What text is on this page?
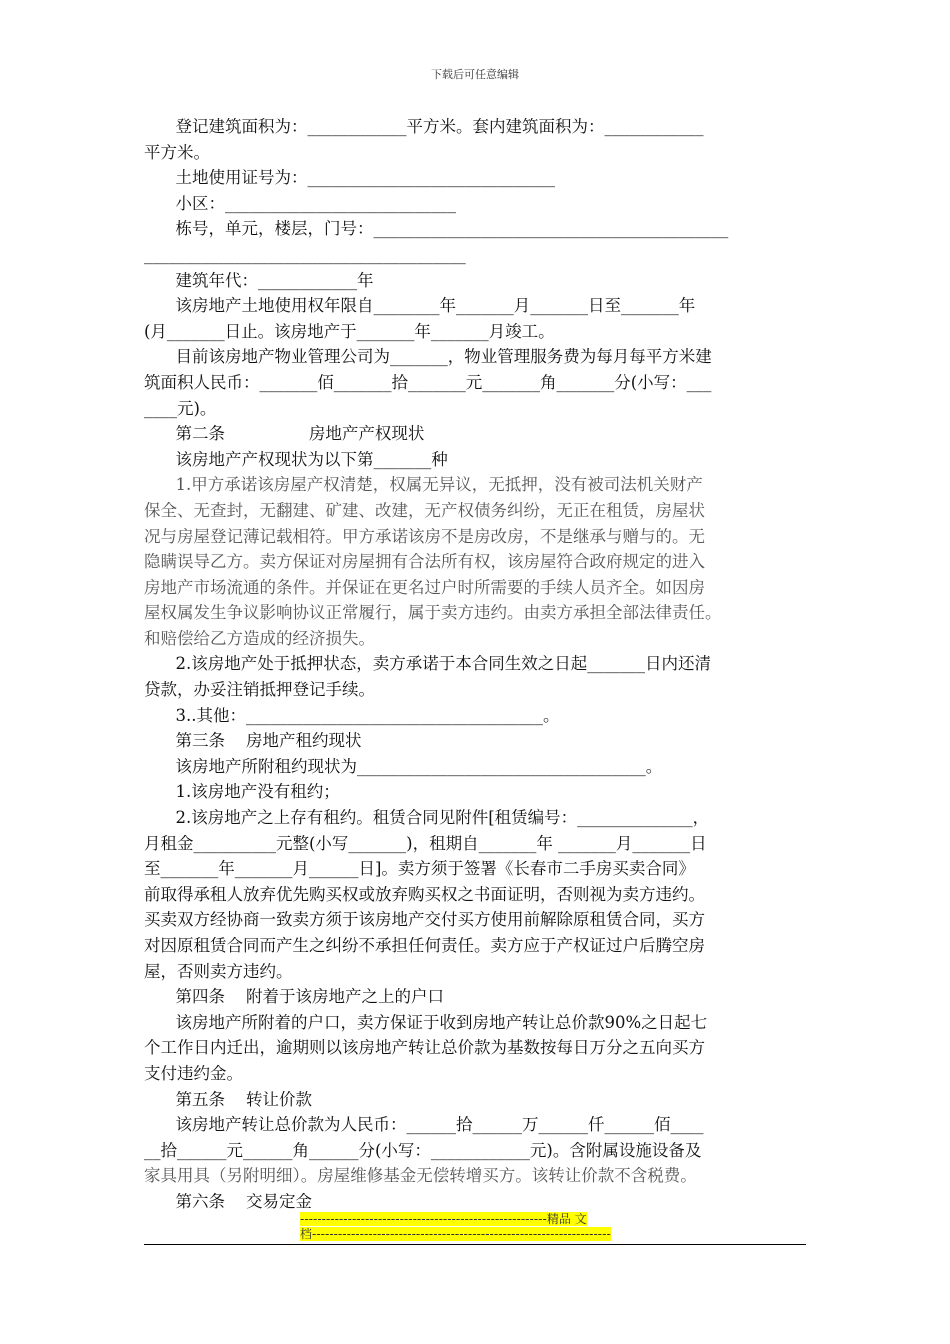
下载后可任意编辑

登记建筑面积为：____________平方米。套内建筑面积为：____________

平方米。

土地使用证号为：______________________________

小区：____________________________

栋号，单元，楼层，门号：___________________________________________

_______________________________________

建筑年代：____________年

该房地产土地使用权年限自________年_______月_______日至_______年

(月_______日止。该房地产于_______年_______月竣工。

目前该房地产物业管理公司为_______，物业管理服务费为每月每平方米建

筑面积人民币：_______佰_______拾_______元_______角_______分(小写：___

____元)。

第二条                房地产产权现状

该房地产产权现状为以下第_______种

1.甲方承诺该房屋产权清楚，权属无异议，无抵押，没有被司法机关财产

保全、无查封，无翻建、矿建、改建，无产权债务纠纷，无正在租赁，房屋状

况与房屋登记薄记载相符。甲方承诺该房不是房改房，不是继承与赠与的。无

隐瞒误导乙方。卖方保证对房屋拥有合法所有权，该房屋符合政府规定的进入

房地产市场流通的条件。并保证在更名过户时所需要的手续人员齐全。如因房

屋权属发生争议影响协议正常履行，属于卖方违约。由卖方承担全部法律责任。

和赔偿给乙方造成的经济损失。

2.该房地产处于抵押状态，卖方承诺于本合同生效之日起_______日内还清

贷款，办妥注销抵押登记手续。

3..其他：____________________________________。

第三条    房地产租约现状

该房地产所附租约现状为___________________________________。

1.该房地产没有租约；

2.该房地产之上存有租约。租赁合同见附件[租赁编号：______________，

月租金__________元整(小写_______)，租期自_______年 _______月_______日

至_______年_______月______日]。卖方须于签署《长春市二手房买卖合同》

前取得承租人放弃优先购买权或放弃购买权之书面证明，否则视为卖方违约。

买卖双方经协商一致卖方须于该房地产交付买方使用前解除原租赁合同，买方

对因原租赁合同而产生之纠纷不承担任何责任。卖方应于产权证过户后腾空房

屋，否则卖方违约。

第四条    附着于该房地产之上的户口

该房地产所附着的户口，卖方保证于收到房地产转让总价款90%之日起七

个工作日内迁出，逾期则以该房地产转让总价款为基数按每日万分之五向买方

支付违约金。

第五条    转让价款

该房地产转让总价款为人民币：______拾______万______仟______佰____

__拾______元______角______分(小写：____________元)。含附属设施设备及

家具用具（另附明细）。房屋维修基金无偿转增买方。该转让价款不含税费。

第六条    交易定金

---------------------------------------------------------精品 文
档---------------------------------------------------------------------
